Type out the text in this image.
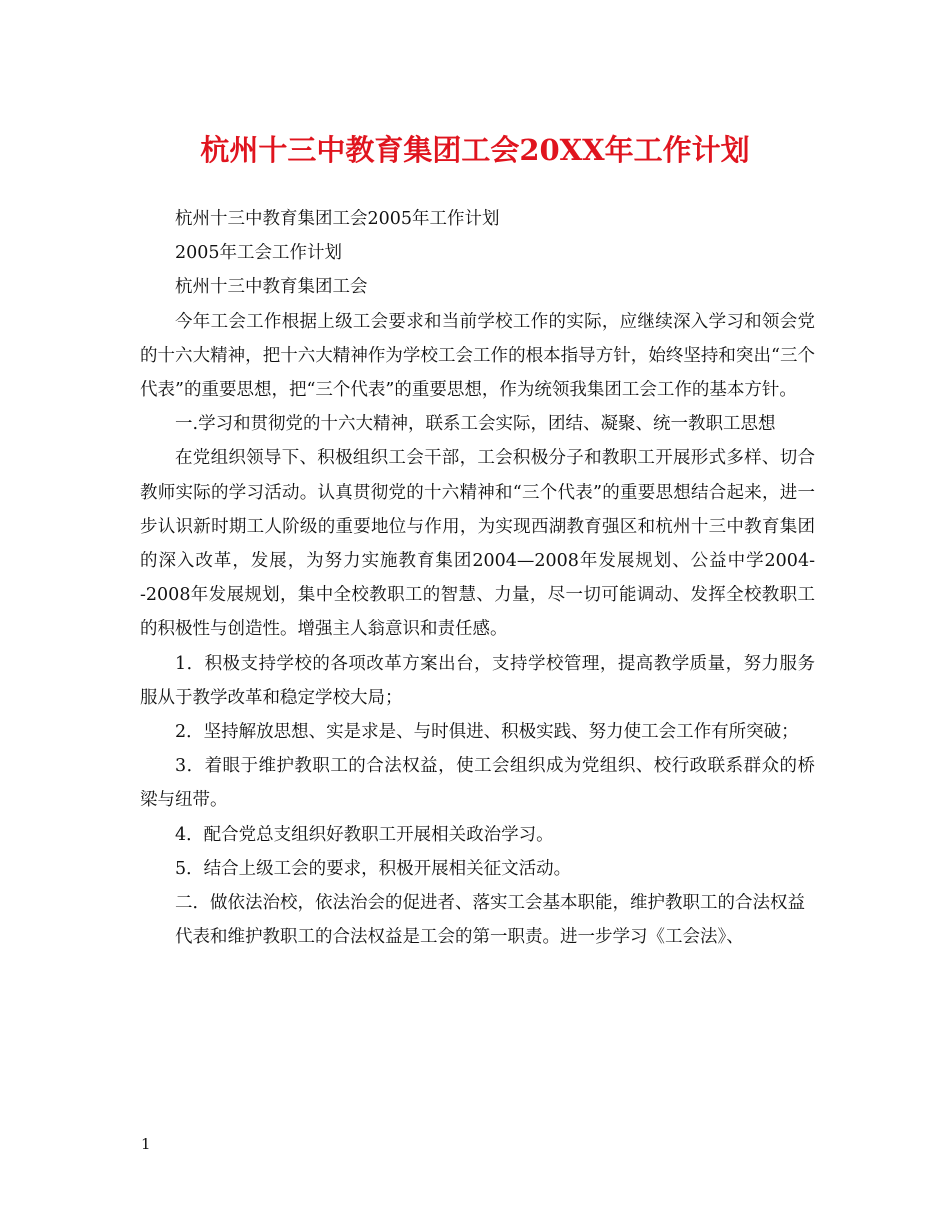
杭州十三中教育集团工会20XX年工作计划

杭州十三中教育集团工会2005年工作计划

2005年工会工作计划

杭州十三中教育集团工会

今年工会工作根据上级工会要求和当前学校工作的实际，应继续深入学习和领会党的十六大精神，把十六大精神作为学校工会工作的根本指导方针，始终坚持和突出“三个代表”的重要思想，把“三个代表”的重要思想，作为统领我集团工会工作的基本方针。

一.学习和贯彻党的十六大精神，联系工会实际，团结、凝聚、统一教职工思想

在党组织领导下、积极组织工会干部，工会积极分子和教职工开展形式多样、切合教师实际的学习活动。认真贯彻党的十六精神和“三个代表”的重要思想结合起来，进一步认识新时期工人阶级的重要地位与作用，为实现西湖教育强区和杭州十三中教育集团的深入改革，发展，为努力实施教育集团2004—2008年发展规划、公益中学2004--2008年发展规划，集中全校教职工的智慧、力量，尽一切可能调动、发挥全校教职工的积极性与创造性。增强主人翁意识和责任感。

1．积极支持学校的各项改革方案出台，支持学校管理，提高教学质量，努力服务服从于教学改革和稳定学校大局；

2．坚持解放思想、实是求是、与时俱进、积极实践、努力使工会工作有所突破；

3．着眼于维护教职工的合法权益，使工会组织成为党组织、校行政联系群众的桥梁与纽带。

4．配合党总支组织好教职工开展相关政治学习。

5．结合上级工会的要求，积极开展相关征文活动。

二．做依法治校，依法治会的促进者、落实工会基本职能，维护教职工的合法权益

代表和维护教职工的合法权益是工会的第一职责。进一步学习《工会法》、

1
